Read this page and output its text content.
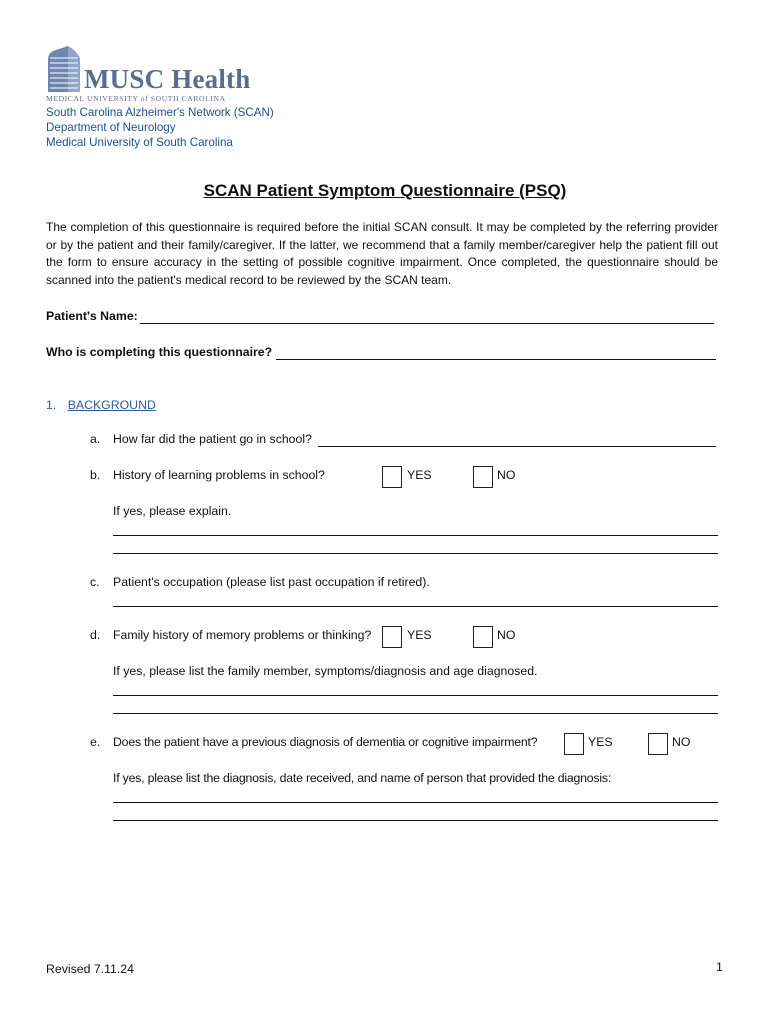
MUSC Health
MEDICAL UNIVERSITY of SOUTH CAROLINA
South Carolina Alzheimer's Network (SCAN)
Department of Neurology
Medical University of South Carolina
SCAN Patient Symptom Questionnaire (PSQ)
The completion of this questionnaire is required before the initial SCAN consult. It may be completed by the referring provider or by the patient and their family/caregiver. If the latter, we recommend that a family member/caregiver help the patient fill out the form to ensure accuracy in the setting of possible cognitive impairment. Once completed, the questionnaire should be scanned into the patient's medical record to be reviewed by the SCAN team.
Patient's Name:
Who is completing this questionnaire?
1. BACKGROUND
a. How far did the patient go in school?
b. History of learning problems in school?	YES	NO
If yes, please explain.
c. Patient's occupation (please list past occupation if retired).
d. Family history of memory problems or thinking?	YES	NO
If yes, please list the family member, symptoms/diagnosis and age diagnosed.
e. Does the patient have a previous diagnosis of dementia or cognitive impairment?	YES	NO
If yes, please list the diagnosis, date received, and name of person that provided the diagnosis:
Revised 7.11.24	1
